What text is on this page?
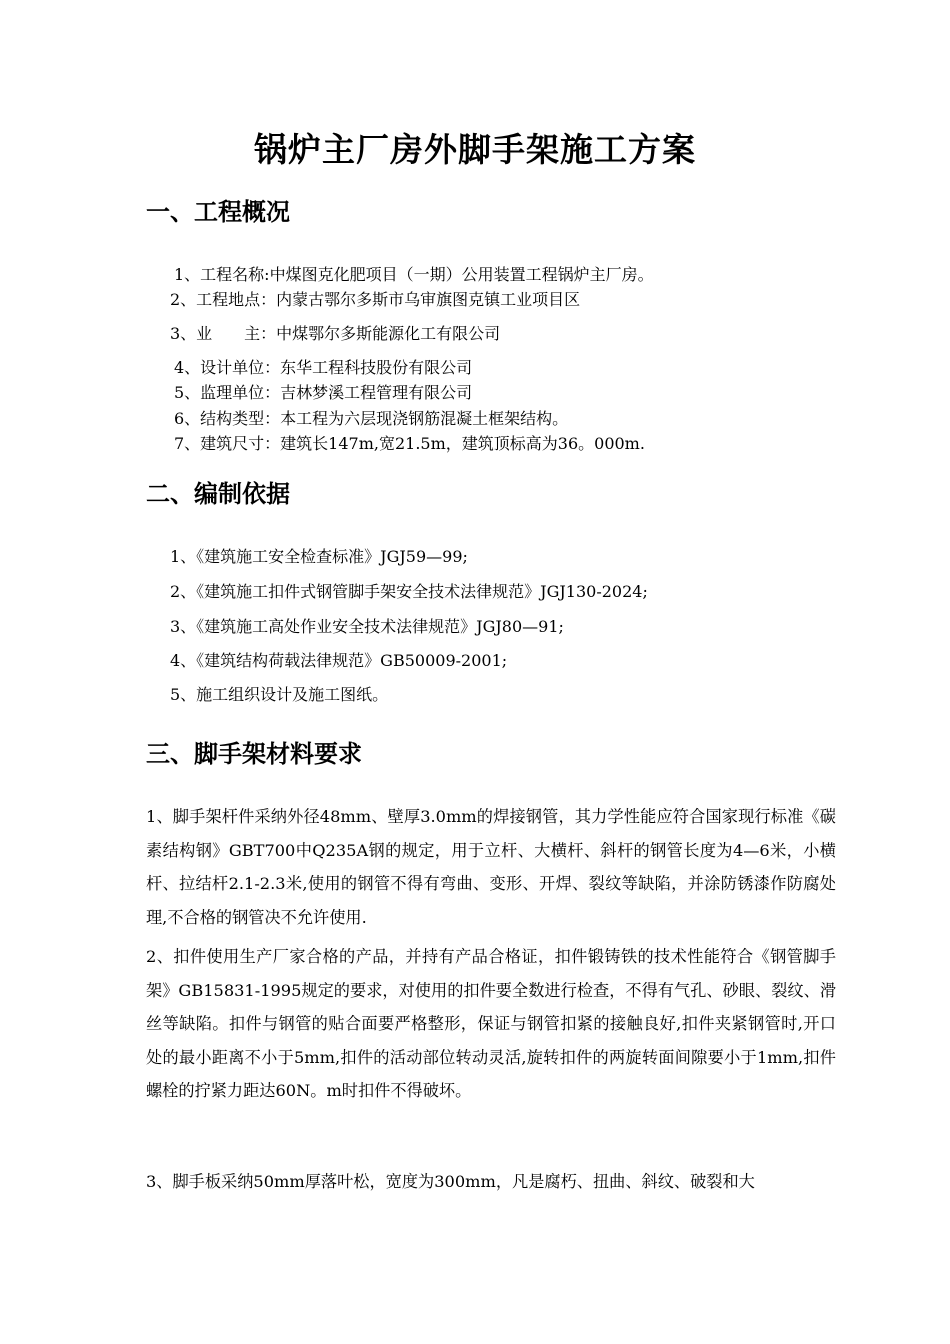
锅炉主厂房外脚手架施工方案
一、工程概况
1、工程名称:中煤图克化肥项目（一期）公用装置工程锅炉主厂房。
2、工程地点：内蒙古鄂尔多斯市乌审旗图克镇工业项目区
3、业　　主：中煤鄂尔多斯能源化工有限公司
4、设计单位：东华工程科技股份有限公司
5、监理单位：吉林梦溪工程管理有限公司
6、结构类型：本工程为六层现浇钢筋混凝土框架结构。
7、建筑尺寸：建筑长147m,宽21.5m，建筑顶标高为36。000m.
二、编制依据
1、《建筑施工安全检查标准》JGJ59—99;
2、《建筑施工扣件式钢管脚手架安全技术法律规范》JGJ130-2024;
3、《建筑施工高处作业安全技术法律规范》JGJ80—91;
4、《建筑结构荷载法律规范》GB50009-2001;
5、施工组织设计及施工图纸。
三、脚手架材料要求

1、脚手架杆件采纳外径48mm、壁厚3.0mm的焊接钢管，其力学性能应符合国家现行标准《碳素结构钢》GBT700中Q235A钢的规定，用于立杆、大横杆、斜杆的钢管长度为4—6米，小横杆、拉结杆2.1-2.3米,使用的钢管不得有弯曲、变形、开焊、裂纹等缺陷，并涂防锈漆作防腐处理,不合格的钢管决不允许使用.

2、扣件使用生产厂家合格的产品，并持有产品合格证，扣件锻铸铁的技术性能符合《钢管脚手架》GB15831-1995规定的要求，对使用的扣件要全数进行检查，不得有气孔、砂眼、裂纹、滑丝等缺陷。扣件与钢管的贴合面要严格整形，保证与钢管扣紧的接触良好,扣件夹紧钢管时,开口处的最小距离不小于5mm,扣件的活动部位转动灵活,旋转扣件的两旋转面间隙要小于1mm,扣件螺栓的拧紧力距达60N。m时扣件不得破坏。

3、脚手板采纳50mm厚落叶松，宽度为300mm，凡是腐朽、扭曲、斜纹、破裂和大
